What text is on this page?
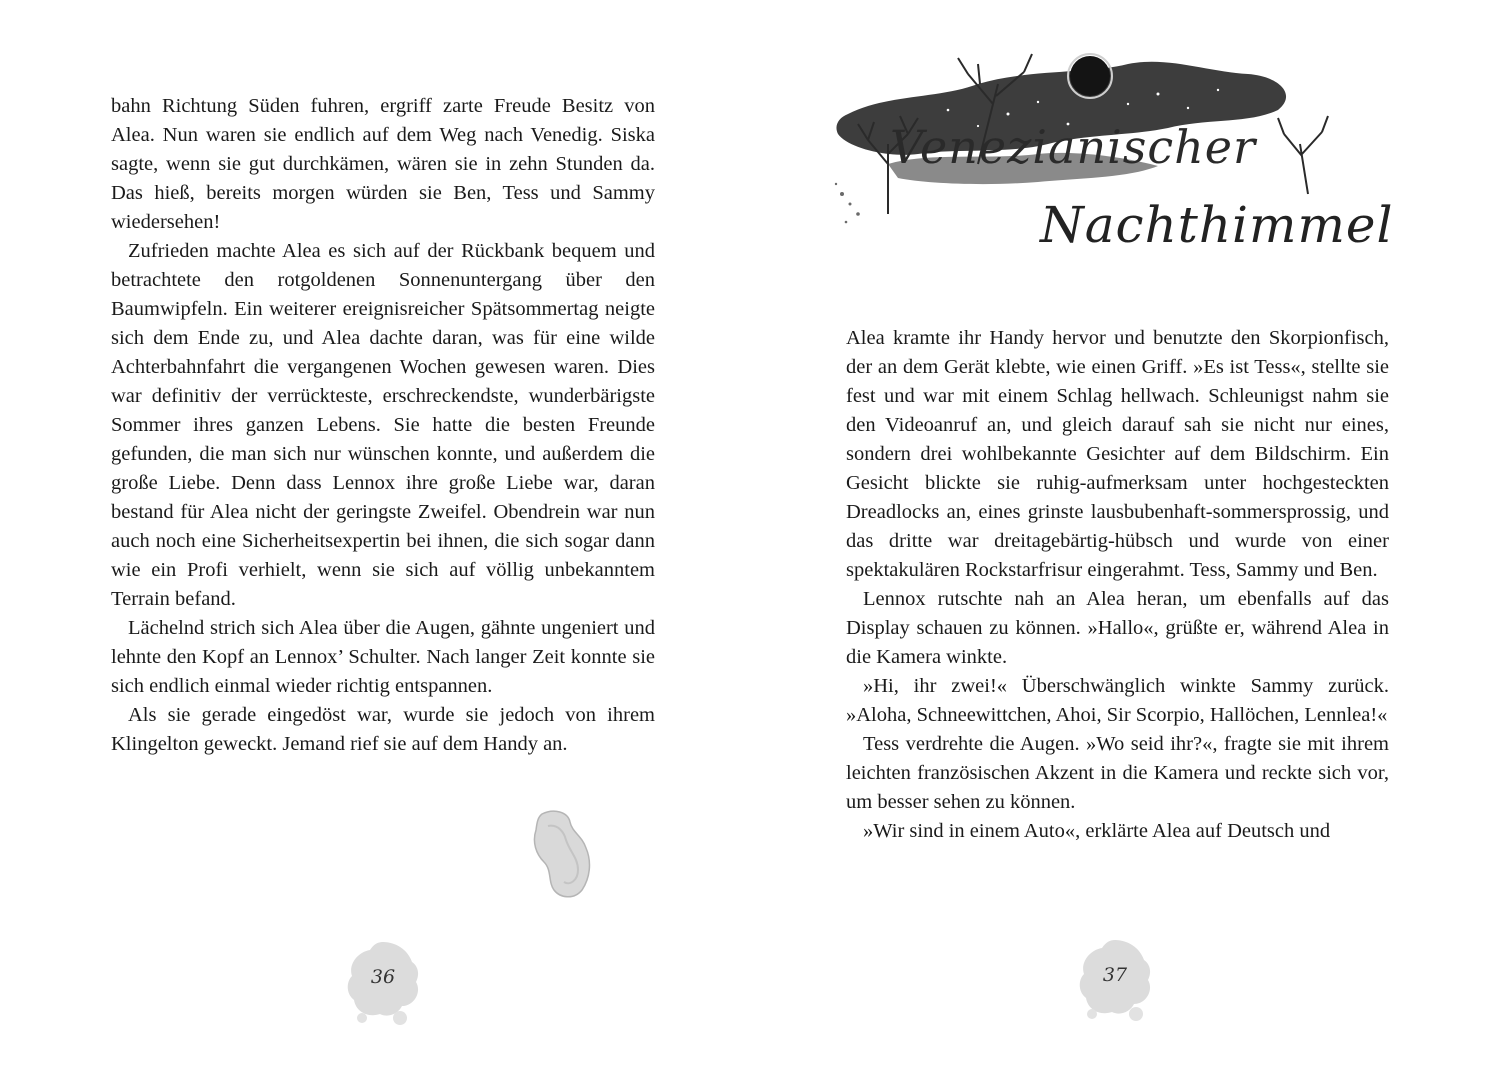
bahn Richtung Süden fuhren, ergriff zarte Freude Besitz von Alea. Nun waren sie endlich auf dem Weg nach Venedig. Siska sagte, wenn sie gut durchkämen, wären sie in zehn Stunden da. Das hieß, bereits morgen würden sie Ben, Tess und Sammy wiedersehen!

Zufrieden machte Alea es sich auf der Rückbank bequem und betrachtete den rotgoldenen Sonnenuntergang über den Baumwipfeln. Ein weiterer ereignisreicher Spätsommertag neigte sich dem Ende zu, und Alea dachte daran, was für eine wilde Achterbahnfahrt die vergangenen Wochen gewesen waren. Dies war definitiv der verrückteste, erschreckendste, wunderbärigste Sommer ihres ganzen Lebens. Sie hatte die besten Freunde gefunden, die man sich nur wünschen konnte, und außerdem die große Liebe. Denn dass Lennox ihre große Liebe war, daran bestand für Alea nicht der geringste Zweifel. Obendrein war nun auch noch eine Sicherheitsexpertin bei ihnen, die sich sogar dann wie ein Profi verhielt, wenn sie sich auf völlig unbekanntem Terrain befand.

Lächelnd strich sich Alea über die Augen, gähnte ungeniert und lehnte den Kopf an Lennox’ Schulter. Nach langer Zeit konnte sie sich endlich einmal wieder richtig entspannen.

Als sie gerade eingedöst war, wurde sie jedoch von ihrem Klingelton geweckt. Jemand rief sie auf dem Handy an.

36
Venezianischer
Nachthimmel

Alea kramte ihr Handy hervor und benutzte den Skorpionfisch, der an dem Gerät klebte, wie einen Griff. »Es ist Tess«, stellte sie fest und war mit einem Schlag hellwach. Schleunigst nahm sie den Videoanruf an, und gleich darauf sah sie nicht nur eines, sondern drei wohlbekannte Gesichter auf dem Bildschirm. Ein Gesicht blickte sie ruhig-aufmerksam unter hochgesteckten Dreadlocks an, eines grinste lausbubenhaft-sommersprossig, und das dritte war dreitagebärtig-hübsch und wurde von einer spektakulären Rockstarfrisur eingerahmt. Tess, Sammy und Ben.

Lennox rutschte nah an Alea heran, um ebenfalls auf das Display schauen zu können. »Hallo«, grüßte er, während Alea in die Kamera winkte.

»Hi, ihr zwei!« Überschwänglich winkte Sammy zurück. »Aloha, Schneewittchen, Ahoi, Sir Scorpio, Hallöchen, Lennlea!«

Tess verdrehte die Augen. »Wo seid ihr?«, fragte sie mit ihrem leichten französischen Akzent in die Kamera und reckte sich vor, um besser sehen zu können.

»Wir sind in einem Auto«, erklärte Alea auf Deutsch und

37
